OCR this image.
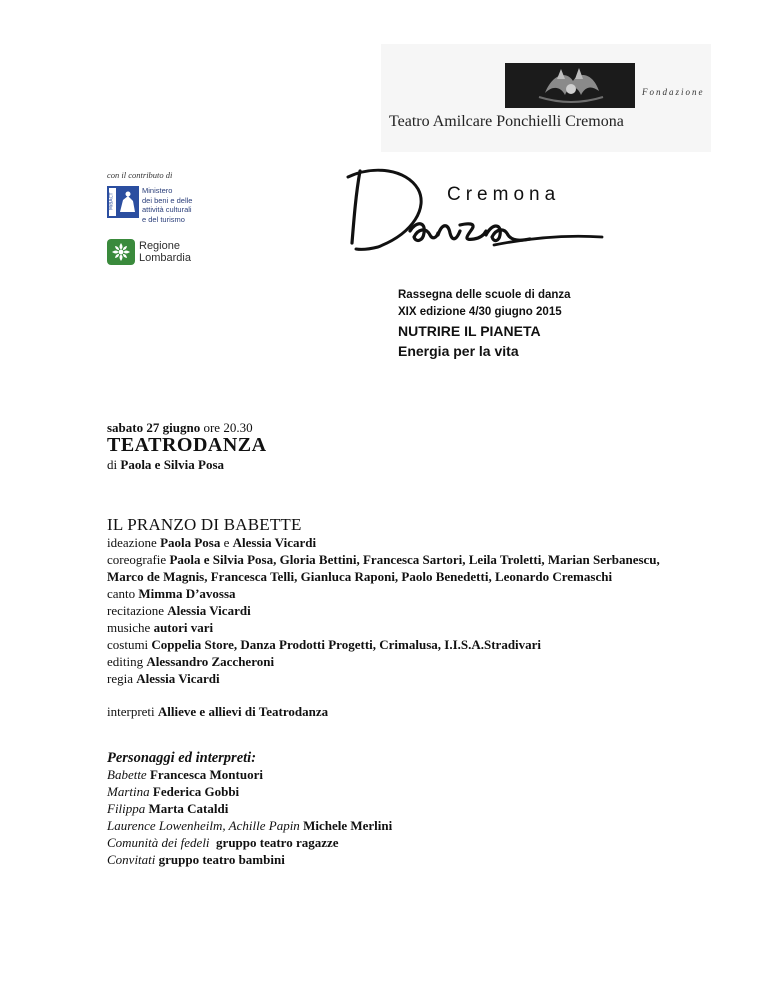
Fondazione
Teatro Amilcare Ponchielli Cremona
con il contributo di
MiBACT
Ministero
dei beni e delle
attività culturali
e del turismo
Regione
Lombardia
Cremona
Rassegna delle scuole di danza
XIX edizione 4/30 giugno 2015
NUTRIRE IL PIANETA
Energia per la vita
sabato 27 giugno ore 20.30
TEATRODANZA
di Paola e Silvia Posa
IL PRANZO DI BABETTE
ideazione Paola Posa e Alessia Vicardi
coreografie Paola e Silvia Posa, Gloria Bettini, Francesca Sartori, Leila Troletti, Marian Serbanescu, Marco de Magnis, Francesca Telli, Gianluca Raponi, Paolo Benedetti, Leonardo Cremaschi
canto Mimma D’avossa
recitazione Alessia Vicardi
musiche autori vari
costumi Coppelia Store, Danza Prodotti Progetti, Crimalusa, I.I.S.A.Stradivari
editing Alessandro Zaccheroni
regia Alessia Vicardi
interpreti Allieve e allievi di Teatrodanza
Personaggi ed interpreti:
Babette Francesca Montuori
Martina Federica Gobbi
Filippa Marta Cataldi
Laurence Lowenheilm, Achille Papin Michele Merlini
Comunità dei fedeli gruppo teatro ragazze
Convitati gruppo teatro bambini
